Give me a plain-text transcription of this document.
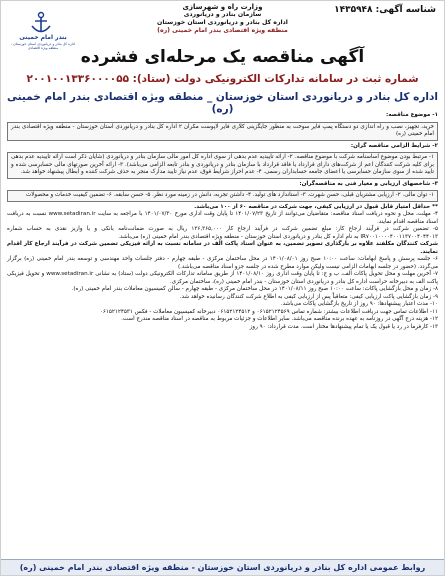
شناسه آگهی: ۱۴۳۵۹۴۸
وزارت راه و شهرسازی
سازمان بنادر و دریانوردی
اداره کل بنادر و دریانوردی استان خوزستان
منطقه ویژه اقتصادی بندر امام خمینی (ره)
بندر امام خمینی
اداره کل بنادر و دریانوردی استان خوزستان - منطقه ویژه اقتصادی	آگهی مناقصه یک مرحله‌ای فشرده
شماره ثبت در سامانه تدارکات الکترونیکی دولت (ستاد): ۲۰۰۱۰۰۱۳۳۶۰۰۰۰۵۵
اداره کل بنادر و دریانوردی استان خوزستان _ منطقه ویژه اقتصادی بندر امام خمینی (ره)	۱- موضوع مناقصه:
خرید، تجهیز، نصب و راه اندازی دو دستگاه پمپ فایر سوخت به منظور جایگزینی کلاری فایر لاپوست مکران ۲ اداره کل بنادر و دریانوردی استان خوزستان - منطقه ویژه اقتصادی بندر امام خمینی (ره)
۲- شرایط الزامی مناقصه گران:
۱- مرتبط بودن موضوع اساسنامه شرکت با موضوع مناقصه. ۲- ارائه تاییدیه عدم بدهی از سوی اداره کل امور مالی سازمان بنادر و دریانوردی (شایان ذکر است ارائه تاییدیه عدم بدهی برای کلیه شرکت کنندگان اعم از شرکت‌های دارای قرارداد یا فاقد قرارداد با سازمان بنادر و دریانوردی و بنادر تابعه الزامی می‌باشد). ۳- ارائه آخرین صورتهای مالی حسابرسی شده و تایید شده از سوی سازمان حسابرسی یا اعضای جامعه حسابداران رسمی. ۴- عدم احراز شرایط فوق، عدم نیاز تایید مدارک منجر به حذف شرکت کننده و ابطال پیشنهاد خواهد شد.
۳- شاخصهای ارزیابی و معیار فنی به مناقصه‌گران:
۱- توان مالی. ۲- ارزیابی مشتریان قبلی، حسن شهرت. ۳- استاندارد های تولید. ۴- داشتن تجربه، دانش در زمینه مورد نظر. ۵- حسن سابقه. ۶- تضمین کیفیت خدمات و محصولات
** حداقل امتیاز قابل قبول در ارزیابی کیفی، جهت شرکت در مناقصه ۶۰ از ۱۰۰ می‌باشد.
۴- مهلت، محل و نحوه دریافت اسناد مناقصه: متقاضیان می‌توانند از تاریخ ۱۴۰۱/۰۷/۲۳ تا پایان وقت اداری مورخ ۱۴۰۱/۰۷/۳۰ با مراجعه به سایت www.setadiran.ir نسبت به دریافت اسناد مناقصه اقدام نمایند.
۵- تضمین شرکت در فرآیند ارجاع کار: مبلغ تضمین شرکت در فرآیند ارجاع کار ۱۳۶,۳۶۵,۰۰۰ ریال به صورت ضمانت‌نامه بانکی و یا واریز نقدی به حساب شماره IR۷۰۰۱۰۰۰۰۴۰۰۱۱۳۷۰۰۴۰۴۴۰۱۳ به نام اداره کل بنادر و دریانوردی استان خوزستان - منطقه ویژه اقتصادی بندر امام خمینی (ره) می‌باشد.
شرکت کنندگان مکلفند علاوه بر بارگذاری تصویر تضمین، به عنوان اسناد پاکت الف در سامانه نسبت به ارائه فیزیکی تضمین شرکت در فرآیند ارجاع کار اقدام نمایند.
۶- جلسه پرسش و پاسخ ابهامات: ساعت ۱۰:۰۰ صبح روز ۱۴۰۱/۰۸/۰۱ در محل ساختمان مرکزی - طبقه چهارم - دفتر جلسات واحد مهندسی و توسعه بندر امام خمینی (ره) برگزار می‌گردد. (حضور در جلسه ابهامات الزامی نیست ولیکن موارد مطرح شده در جلسه جزو اسناد مناقصه می‌باشد.)
۷- آخرین مهلت و محل تحویل پاکات الف، ب و ج: تا پایان وقت اداری روز ۱۴۰۱/۰۸/۱۰ از طریق سامانه تدارکات الکترونیکی دولت (ستاد) به نشانی www.setadiran.ir و تحویل فیزیکی پاکت الف به دبیرخانه حراست اداره کل بنادر و دریانوردی استان خوزستان - بندر امام خمینی (ره)، ساختمان مرکزی.
۸- زمان و محل بازگشایی پاکات: ساعت ۱۰:۰۰ صبح روز ۱۴۰۱/۰۸/۱۱ در محل ساختمان مرکزی - طبقه چهارم - سالن کمیسیون معاملات بندر امام خمینی (ره).
۹- زمان بازگشایی پاکت ارزیابی کیفی: متعاقباً پس از ارزیابی کیفی به اطلاع شرکت کنندگان رسانیده خواهد شد.
۱۰- مدت اعتبار پیشنهادها: ۹۰ روز از تاریخ بازگشایی پاکات می‌باشد.
۱۱- اطلاعات تماس جهت دریافت اطلاعات بیشتر: شماره تماس ۰۶۱۵۲۱۲۴۵۶۹ و ۰۶۱۵۲۱۲۴۵۱۲ دبیرخانه کمیسیون معاملات - فکس ۰۶۱۵۲۱۲۴۵۳۱
۱۲- هزینه درج آگهی در روزنامه به عهده برنده مناقصه می‌باشد. سایر اطلاعات و جزئیات مربوط به مناقصه در اسناد مناقصه مندرج است.
۱۳- کارفرما در رد یا قبول یک یا تمام پیشنهادها مختار است. مدت قرارداد: ۹۰ روز
روابط عمومی اداره کل بنادر و دریانوردی استان خوزستان - منطقه ویژه اقتصادی بندر امام خمینی (ره)
